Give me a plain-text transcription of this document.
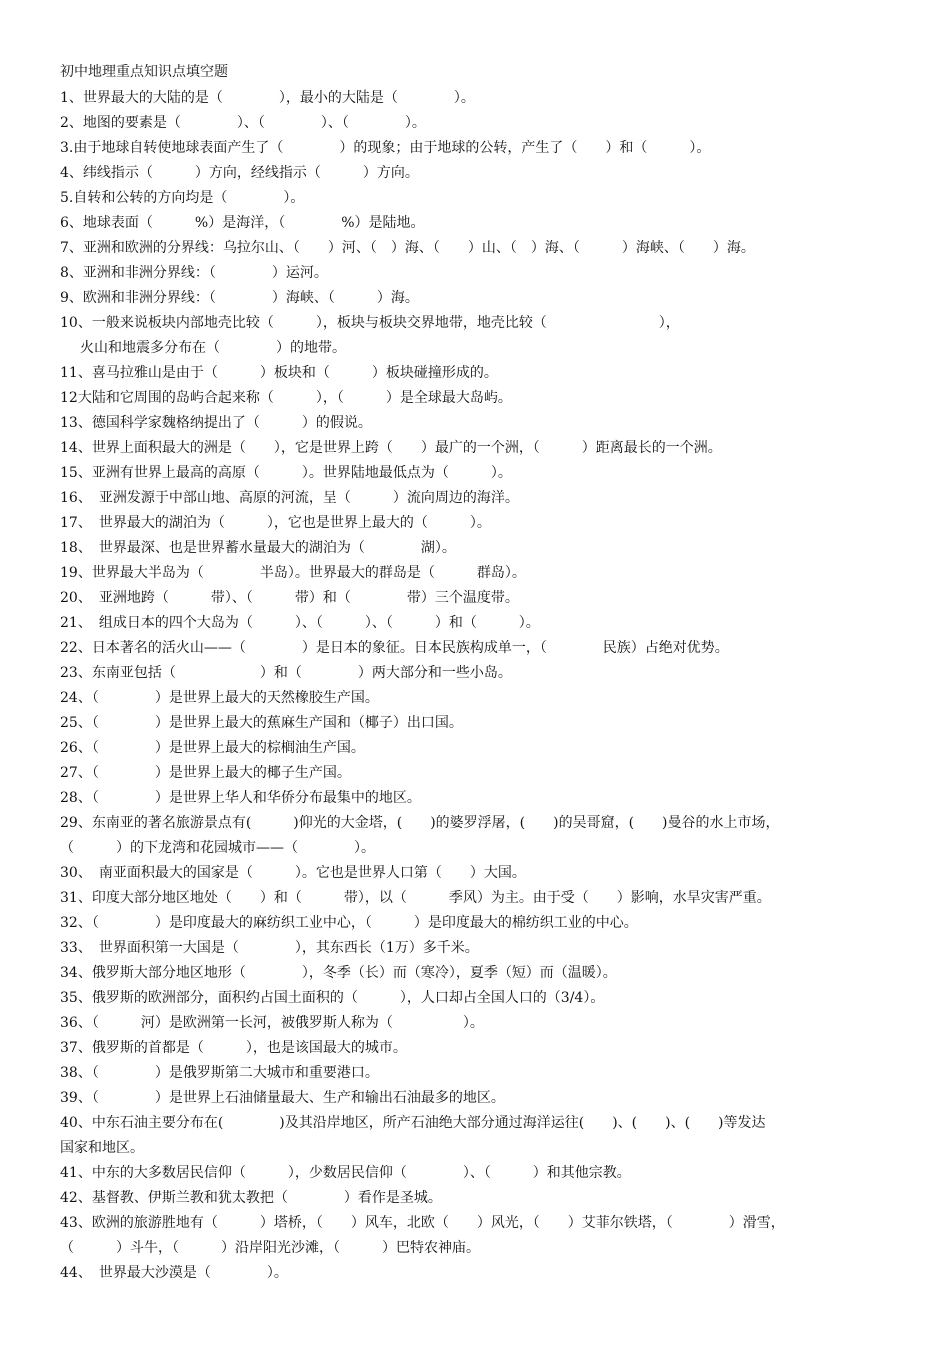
初中地理重点知识点填空题
1、世界最大的大陆的是（　　　　），最小的大陆是（　　　　）。
2、地图的要素是（　　　　）、（　　　　）、（　　　　）。
3.由于地球自转使地球表面产生了（　　　　）的现象；由于地球的公转，产生了（　　）和（　　　）。
4、纬线指示（　　　）方向，经线指示（　　　）方向。
5.自转和公转的方向均是（　　　　）。
6、地球表面（　　　%）是海洋，（　　　　%）是陆地。
7、亚洲和欧洲的分界线：乌拉尔山、（　　）河、（　）海、（　　）山、（　）海、（　　　）海峡、（　　）海。
8、亚洲和非洲分界线：（　　　　）运河。
9、欧洲和非洲分界线：（　　　　）海峡、（　　　）海。
10、一般来说板块内部地壳比较（　　　），板块与板块交界地带，地壳比较（　　　　　　　　），
火山和地震多分布在（　　　　）的地带。
11、喜马拉雅山是由于（　　　）板块和（　　　）板块碰撞形成的。
12大陆和它周围的岛屿合起来称（　　　），（　　　）是全球最大岛屿。
13、德国科学家魏格纳提出了（　　　）的假说。
14、世界上面积最大的洲是（　　），它是世界上跨（　　）最广的一个洲，（　　　）距离最长的一个洲。
15、亚洲有世界上最高的高原（　　　）。世界陆地最低点为（　　　）。
16、　亚洲发源于中部山地、高原的河流，呈（　　　）流向周边的海洋。
17、　世界最大的湖泊为（　　　），它也是世界上最大的（　　　）。
18、　世界最深、也是世界蓄水量最大的湖泊为（　　　　湖）。
19、世界最大半岛为（　　　　半岛）。世界最大的群岛是（　　　群岛）。
20、　亚洲地跨（　　　带）、（　　　带）和（　　　　带）三个温度带。
21、　组成日本的四个大岛为（　　　）、（　　　）、（　　　）和（　　　）。
22、日本著名的活火山——（　　　　）是日本的象征。日本民族构成单一，（　　　　民族）占绝对优势。
23、东南亚包括（　　　　　　）和（　　　　）两大部分和一些小岛。
24、（　　　　）是世界上最大的天然橡胶生产国。
25、（　　　　）是世界上最大的蕉麻生产国和（椰子）出口国。
26、（　　　　）是世界上最大的棕榈油生产国。
27、（　　　　）是世界上最大的椰子生产国。
28、（　　　　）是世界上华人和华侨分布最集中的地区。
29、东南亚的著名旅游景点有(　　　)仰光的大金塔，(　　)的婆罗浮屠，(　　)的吴哥窟，(　　)曼谷的水上市场，
（　　　）的下龙湾和花园城市——（　　　　）。
30、　南亚面积最大的国家是（　　　）。它也是世界人口第（　　）大国。
31、印度大部分地区地处（　　）和（　　　带），以（　　　季风）为主。由于受（　　）影响，水旱灾害严重。
32、（　　　　）是印度最大的麻纺织工业中心，（　　　）是印度最大的棉纺织工业的中心。
33、　世界面积第一大国是（　　　　），其东西长（1万）多千米。
34、俄罗斯大部分地区地形（　　　　），冬季（长）而（寒冷），夏季（短）而（温暖）。
35、俄罗斯的欧洲部分，面积约占国土面积的（　　　），人口却占全国人口的（3/4）。
36、（　　　河）是欧洲第一长河，被俄罗斯人称为（　　　　　）。
37、俄罗斯的首都是（　　　），也是该国最大的城市。
38、（　　　　）是俄罗斯第二大城市和重要港口。
39、（　　　　）是世界上石油储量最大、生产和输出石油最多的地区。
40、中东石油主要分布在(　　　　)及其沿岸地区，所产石油绝大部分通过海洋运往(　　)、(　　)、(　　)等发达
国家和地区。
41、中东的大多数居民信仰（　　　），少数居民信仰（　　　　）、（　　　）和其他宗教。
42、基督教、伊斯兰教和犹太教把（　　　　）看作是圣城。
43、欧洲的旅游胜地有（　　　）塔桥，（　　）风车，北欧（　　）风光，（　　）艾菲尔铁塔，（　　　　）滑雪，
（　　　）斗牛，（　　　）沿岸阳光沙滩，（　　　）巴特农神庙。
44、　世界最大沙漠是（　　　　）。
